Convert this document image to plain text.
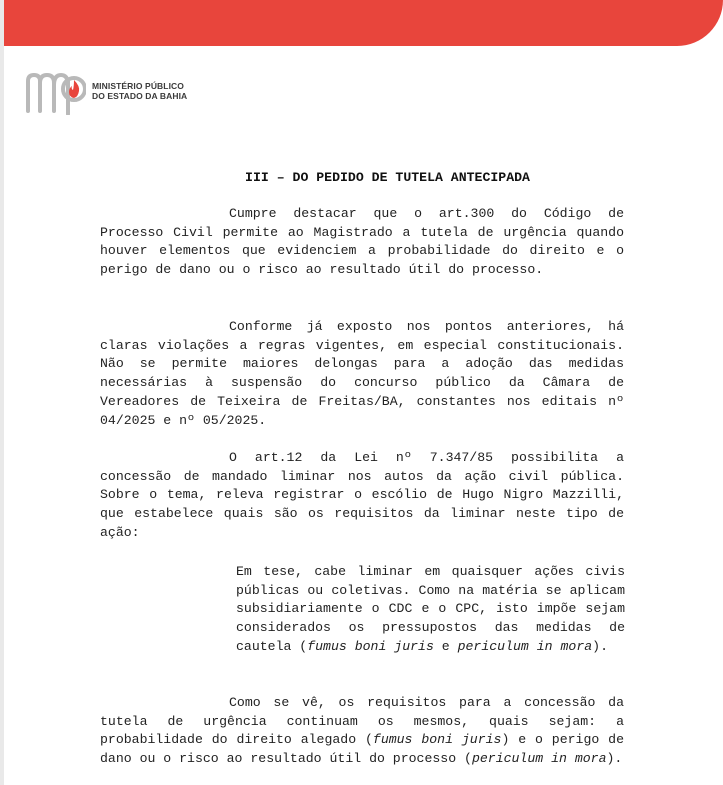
MINISTÉRIO PÚBLICO
DO ESTADO DA BAHIA
III – DO PEDIDO DE TUTELA ANTECIPADA

Cumpre destacar que o art.300 do Código de Processo Civil permite ao Magistrado a tutela de urgência quando houver elementos que evidenciem a probabilidade do direito e o perigo de dano ou o risco ao resultado útil do processo.

Conforme já exposto nos pontos anteriores, há claras violações a regras vigentes, em especial constitucionais. Não se permite maiores delongas para a adoção das medidas necessárias à suspensão do concurso público da Câmara de Vereadores de Teixeira de Freitas/BA, constantes nos editais nº 04/2025 e nº 05/2025.

O art.12 da Lei nº 7.347/85 possibilita a concessão de mandado liminar nos autos da ação civil pública. Sobre o tema, releva registrar o escólio de Hugo Nigro Mazzilli, que estabelece quais são os requisitos da liminar neste tipo de ação:

Em tese, cabe liminar em quaisquer ações civis públicas ou coletivas. Como na matéria se aplicam subsidiariamente o CDC e o CPC, isto impõe sejam considerados os pressupostos das medidas de cautela (fumus boni juris e periculum in mora).

Como se vê, os requisitos para a concessão da tutela de urgência continuam os mesmos, quais sejam: a probabilidade do direito alegado (fumus boni juris) e o perigo de dano ou o risco ao resultado útil do processo (periculum in mora).
